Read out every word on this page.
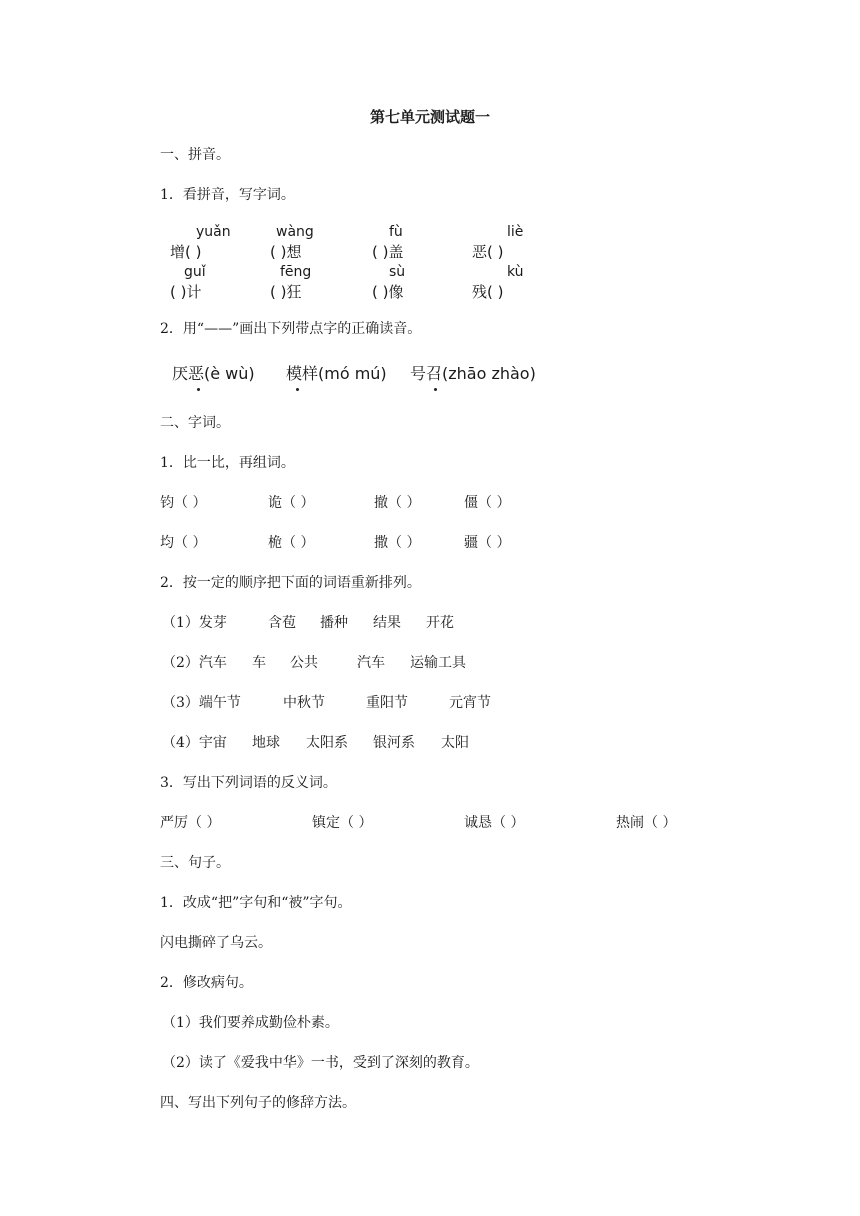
第七单元测试题一
一、拼音。
1．看拼音，写字词。
yuǎn	wàng	fù	liè
增( )	( )想	( )盖	恶( )
guǐ	fēng	sù	kù
( )计	( )狂	( )像	残( )
2．用“——”画出下列带点字的正确读音。
厌恶(è wù) 模样(mó mú) 号召(zhāo zhào)
二、字词。
1．比一比，再组词。
钧（ ）	诡（ ）	撤（ ）	僵（ ）
均（ ）	桅（ ）	撒（ ）	疆（ ）
2．按一定的顺序把下面的词语重新排列。
（1）发芽	含苞 播种 结果 开花
（2）汽车 车 公共	汽车 运输工具
（3）端午节	中秋节	重阳节	元宵节
（4）宇宙 地球 太阳系 银河系 太阳
3．写出下列词语的反义词。
严厉（ ）	镇定（ ）	诚恳（ ）	热闹（ ）
三、句子。
1．改成“把”字句和“被”字句。
闪电撕碎了乌云。
2．修改病句。
（1）我们要养成勤俭朴素。
（2）读了《爱我中华》一书，受到了深刻的教育。
四、写出下列句子的修辞方法。
